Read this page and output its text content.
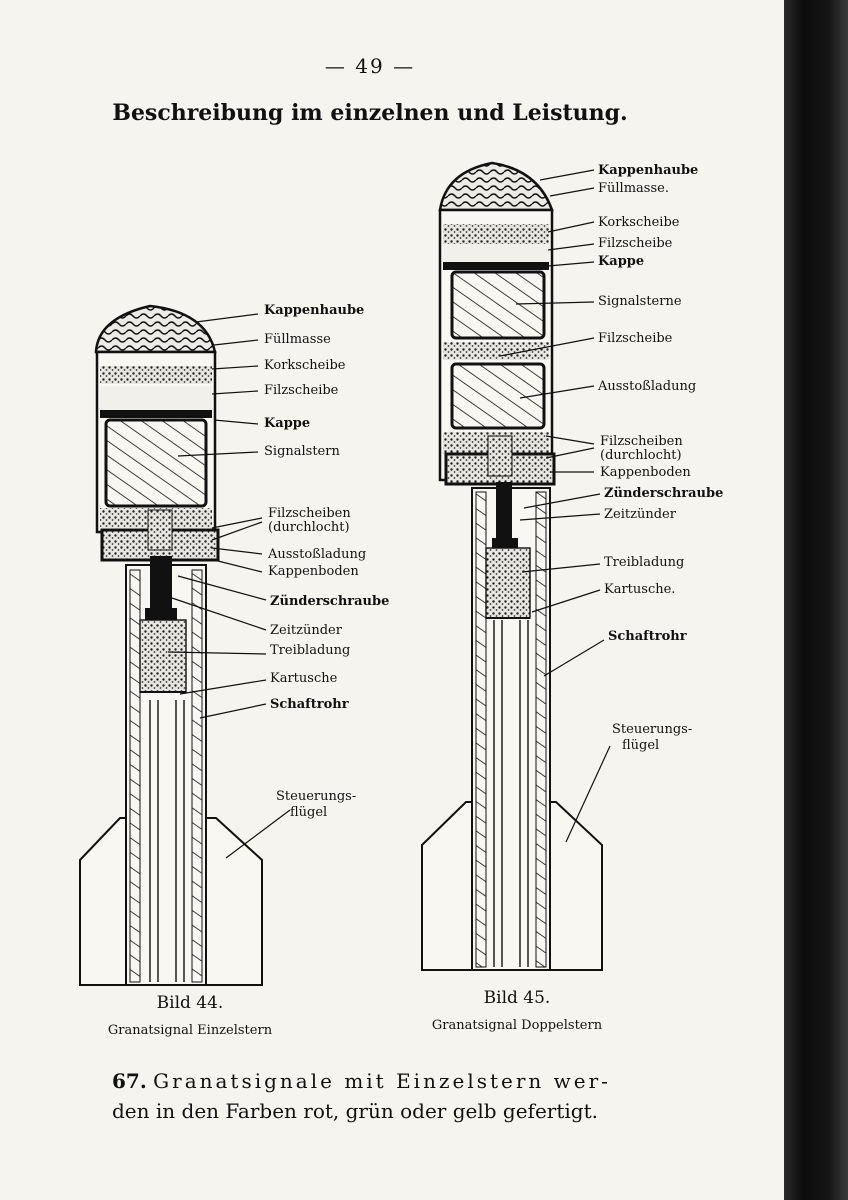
— 49 —
Beschreibung im einzelnen und Leistung.
Kappenhaube
Füllmasse
Korkscheibe
Filzscheibe
Kappe
Signalstern
Filzscheiben
(durchlocht)
Ausstoßladung
Kappenboden
Zünderschraube
Zeitzünder
Treibladung
Kartusche
Schaftrohr
Steuerungs-
flügel
Kappenhaube
Füllmasse.
Korkscheibe
Filzscheibe
Kappe
Signalsterne
Filzscheibe
Ausstoßladung
Filzscheiben
(durchlocht)
Kappenboden
Zünderschraube
Zeitzünder
Treibladung
Kartusche.
Schaftrohr
Steuerungs-
flügel
Bild 44.
Granatsignal Einzelstern
Bild 45.
Granatsignal Doppelstern
67. Granatsignale mit Einzelstern wer-
den in den Farben rot, grün oder gelb gefertigt.
